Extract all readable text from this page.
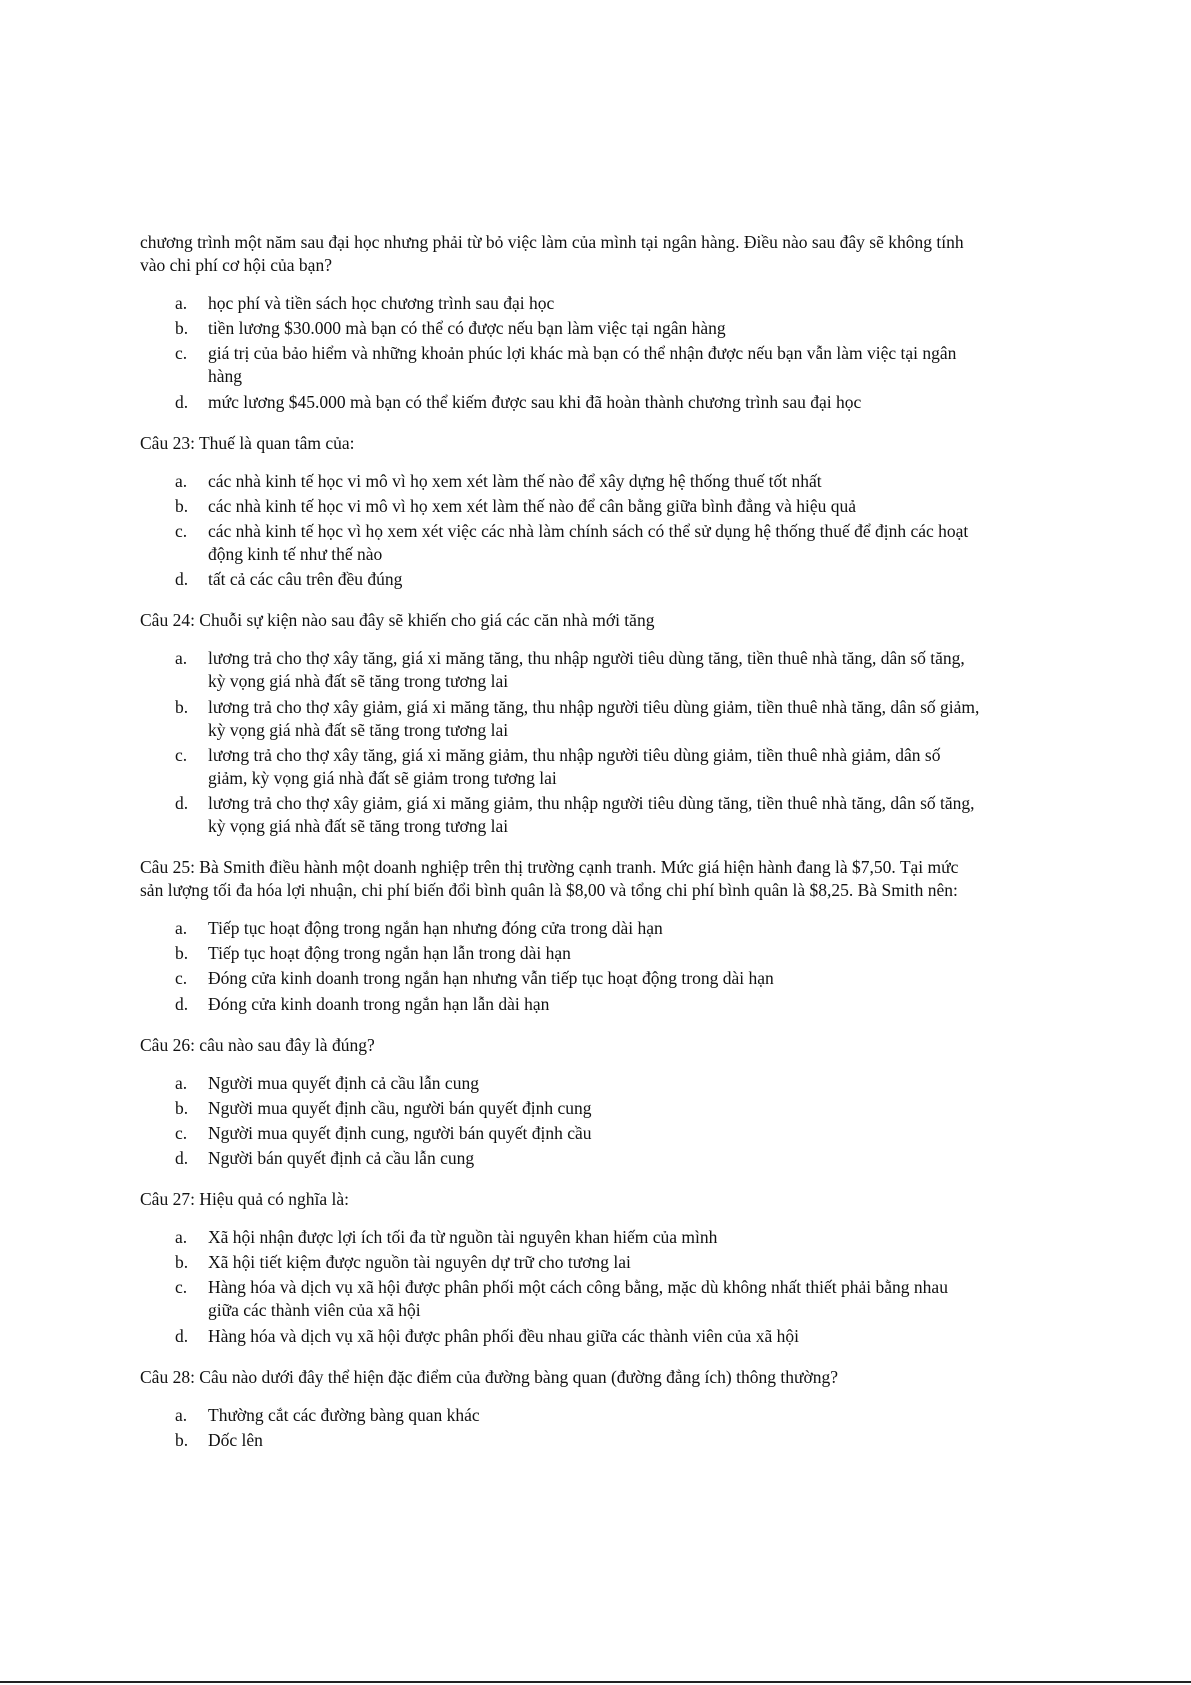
chương trình một năm sau đại học nhưng phải từ bỏ việc làm của mình tại ngân hàng. Điều nào sau đây sẽ không tính vào chi phí cơ hội của bạn?

a.	học phí và tiền sách học chương trình sau đại học
b.	tiền lương $30.000 mà bạn có thể có được nếu bạn làm việc tại ngân hàng
c.	giá trị của bảo hiểm và những khoản phúc lợi khác mà bạn có thể nhận được nếu bạn vẫn làm việc tại ngân hàng
d.	mức lương $45.000 mà bạn có thể kiếm được sau khi đã hoàn thành chương trình sau đại học

Câu 23: Thuế là quan tâm của:

a.	các nhà kinh tế học vi mô vì họ xem xét làm thế nào để xây dựng hệ thống thuế tốt nhất
b.	các nhà kinh tế học vi mô vì họ xem xét làm thế nào để cân bằng giữa bình đẳng và hiệu quả
c.	các nhà kinh tế học vì họ xem xét việc các nhà làm chính sách có thể sử dụng hệ thống thuế để định các hoạt động kinh tế như thế nào
d.	tất cả các câu trên đều đúng

Câu 24: Chuỗi sự kiện nào sau đây sẽ khiến cho giá các căn nhà mới tăng

a.	lương trả cho thợ xây tăng, giá xi măng tăng, thu nhập người tiêu dùng tăng, tiền thuê nhà tăng, dân số tăng, kỳ vọng giá nhà đất sẽ tăng trong tương lai
b.	lương trả cho thợ xây giảm, giá xi măng tăng, thu nhập người tiêu dùng giảm, tiền thuê nhà tăng, dân số giảm, kỳ vọng giá nhà đất sẽ tăng trong tương lai
c.	lương trả cho thợ xây tăng, giá xi măng giảm, thu nhập người tiêu dùng giảm, tiền thuê nhà giảm, dân số giảm, kỳ vọng giá nhà đất sẽ giảm trong tương lai
d.	lương trả cho thợ xây giảm, giá xi măng giảm, thu nhập người tiêu dùng tăng, tiền thuê nhà tăng, dân số tăng, kỳ vọng giá nhà đất sẽ tăng trong tương lai

Câu 25: Bà Smith điều hành một doanh nghiệp trên thị trường cạnh tranh. Mức giá hiện hành đang là $7,50. Tại mức sản lượng tối đa hóa lợi nhuận, chi phí biến đổi bình quân là $8,00 và tổng chi phí bình quân là $8,25. Bà Smith nên:

a.	Tiếp tục hoạt động trong ngắn hạn nhưng đóng cửa trong dài hạn
b.	Tiếp tục hoạt động trong ngắn hạn lẫn trong dài hạn
c.	Đóng cửa kinh doanh trong ngắn hạn nhưng vẫn tiếp tục hoạt động trong dài hạn
d.	Đóng cửa kinh doanh trong ngắn hạn lẫn dài hạn

Câu 26: câu nào sau đây là đúng?

a.	Người mua quyết định cả cầu lẫn cung
b.	Người mua quyết định cầu, người bán quyết định cung
c.	Người mua quyết định cung, người bán quyết định cầu
d.	Người bán quyết định cả cầu lẫn cung

Câu 27: Hiệu quả có nghĩa là:

a.	Xã hội nhận được lợi ích tối đa từ nguồn tài nguyên khan hiếm của mình
b.	Xã hội tiết kiệm được nguồn tài nguyên dự trữ cho tương lai
c.	Hàng hóa và dịch vụ xã hội được phân phối một cách công bằng, mặc dù không nhất thiết phải bằng nhau giữa các thành viên của xã hội
d.	Hàng hóa và dịch vụ xã hội được phân phối đều nhau giữa các thành viên của xã hội

Câu 28: Câu nào dưới đây thể hiện đặc điểm của đường bàng quan (đường đẳng ích) thông thường?

a.	Thường cắt các đường bàng quan khác
b.	Dốc lên
